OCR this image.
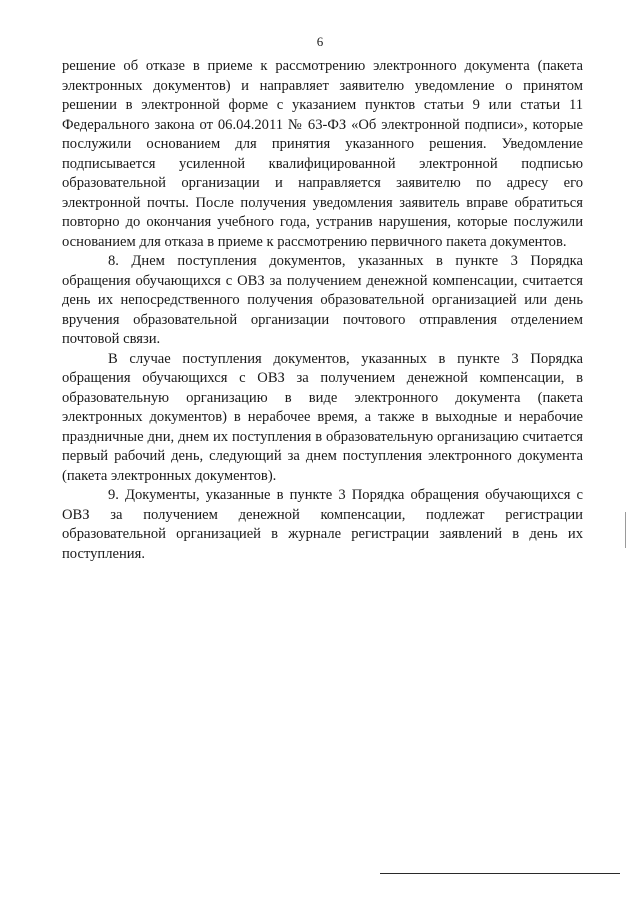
6

решение об отказе в приеме к рассмотрению электронного документа (пакета электронных документов) и направляет заявителю уведомление о принятом решении в электронной форме с указанием пунктов статьи 9 или статьи 11 Федерального закона от 06.04.2011 № 63-ФЗ «Об электронной подписи», которые послужили основанием для принятия указанного решения. Уведомление подписывается усиленной квалифицированной электронной подписью образовательной организации и направляется заявителю по адресу его электронной почты. После получения уведомления заявитель вправе обратиться повторно до окончания учебного года, устранив нарушения, которые послужили основанием для отказа в приеме к рассмотрению первичного пакета документов.

8. Днем поступления документов, указанных в пункте 3 Порядка обращения обучающихся с ОВЗ за получением денежной компенсации, считается день их непосредственного получения образовательной организацией или день вручения образовательной организации почтового отправления отделением почтовой связи.

В случае поступления документов, указанных в пункте 3 Порядка обращения обучающихся с ОВЗ за получением денежной компенсации, в образовательную организацию в виде электронного документа (пакета электронных документов) в нерабочее время, а также в выходные и нерабочие праздничные дни, днем их поступления в образовательную организацию считается первый рабочий день, следующий за днем поступления электронного документа (пакета электронных документов).

9. Документы, указанные в пункте 3 Порядка обращения обучающихся с ОВЗ за получением денежной компенсации, подлежат регистрации образовательной организацией в журнале регистрации заявлений в день их поступления.
